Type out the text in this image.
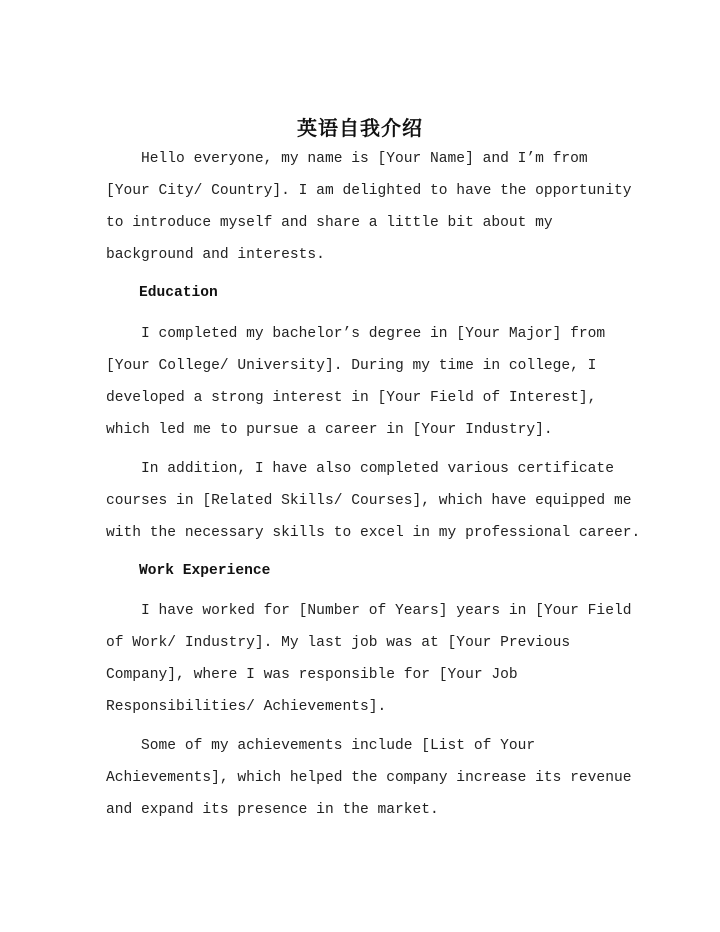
英语自我介绍
Hello everyone, my name is [Your Name] and I’m from
[Your City/ Country]. I am delighted to have the opportunity
to introduce myself and share a little bit about my
background and interests.
Education
I completed my bachelor’s degree in [Your Major] from
[Your College/ University]. During my time in college, I
developed a strong interest in [Your Field of Interest],
which led me to pursue a career in [Your Industry].
In addition, I have also completed various certificate
courses in [Related Skills/ Courses], which have equipped me
with the necessary skills to excel in my professional career.
Work Experience
I have worked for [Number of Years] years in [Your Field
of Work/ Industry]. My last job was at [Your Previous
Company], where I was responsible for [Your Job
Responsibilities/ Achievements].
Some of my achievements include [List of Your
Achievements], which helped the company increase its revenue
and expand its presence in the market.
